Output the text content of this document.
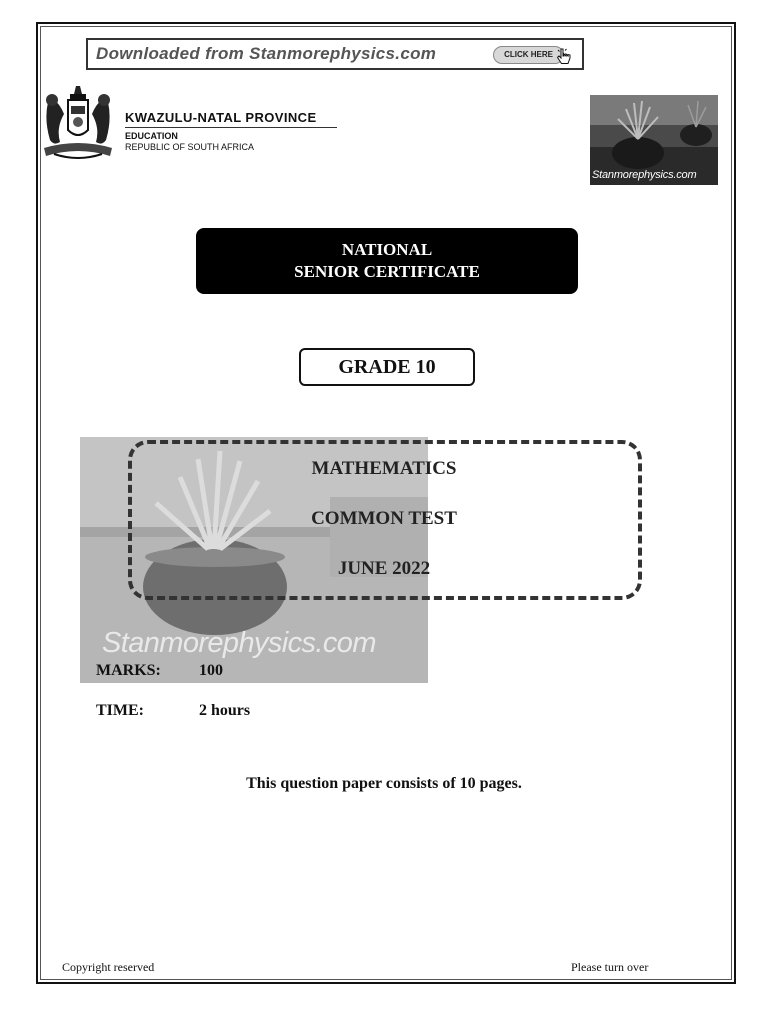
Downloaded from Stanmorephysics.com	CLICK HERE
KWAZULU-NATAL PROVINCE
EDUCATION
REPUBLIC OF SOUTH AFRICA
Stanmorephysics.com
NATIONAL
SENIOR CERTIFICATE
GRADE 10
Stanmorephysics.com
MATHEMATICS
COMMON TEST
JUNE 2022
MARKS: 100
TIME:	2 hours
This question paper consists of 10 pages.
Copyright reserved	Please turn over
